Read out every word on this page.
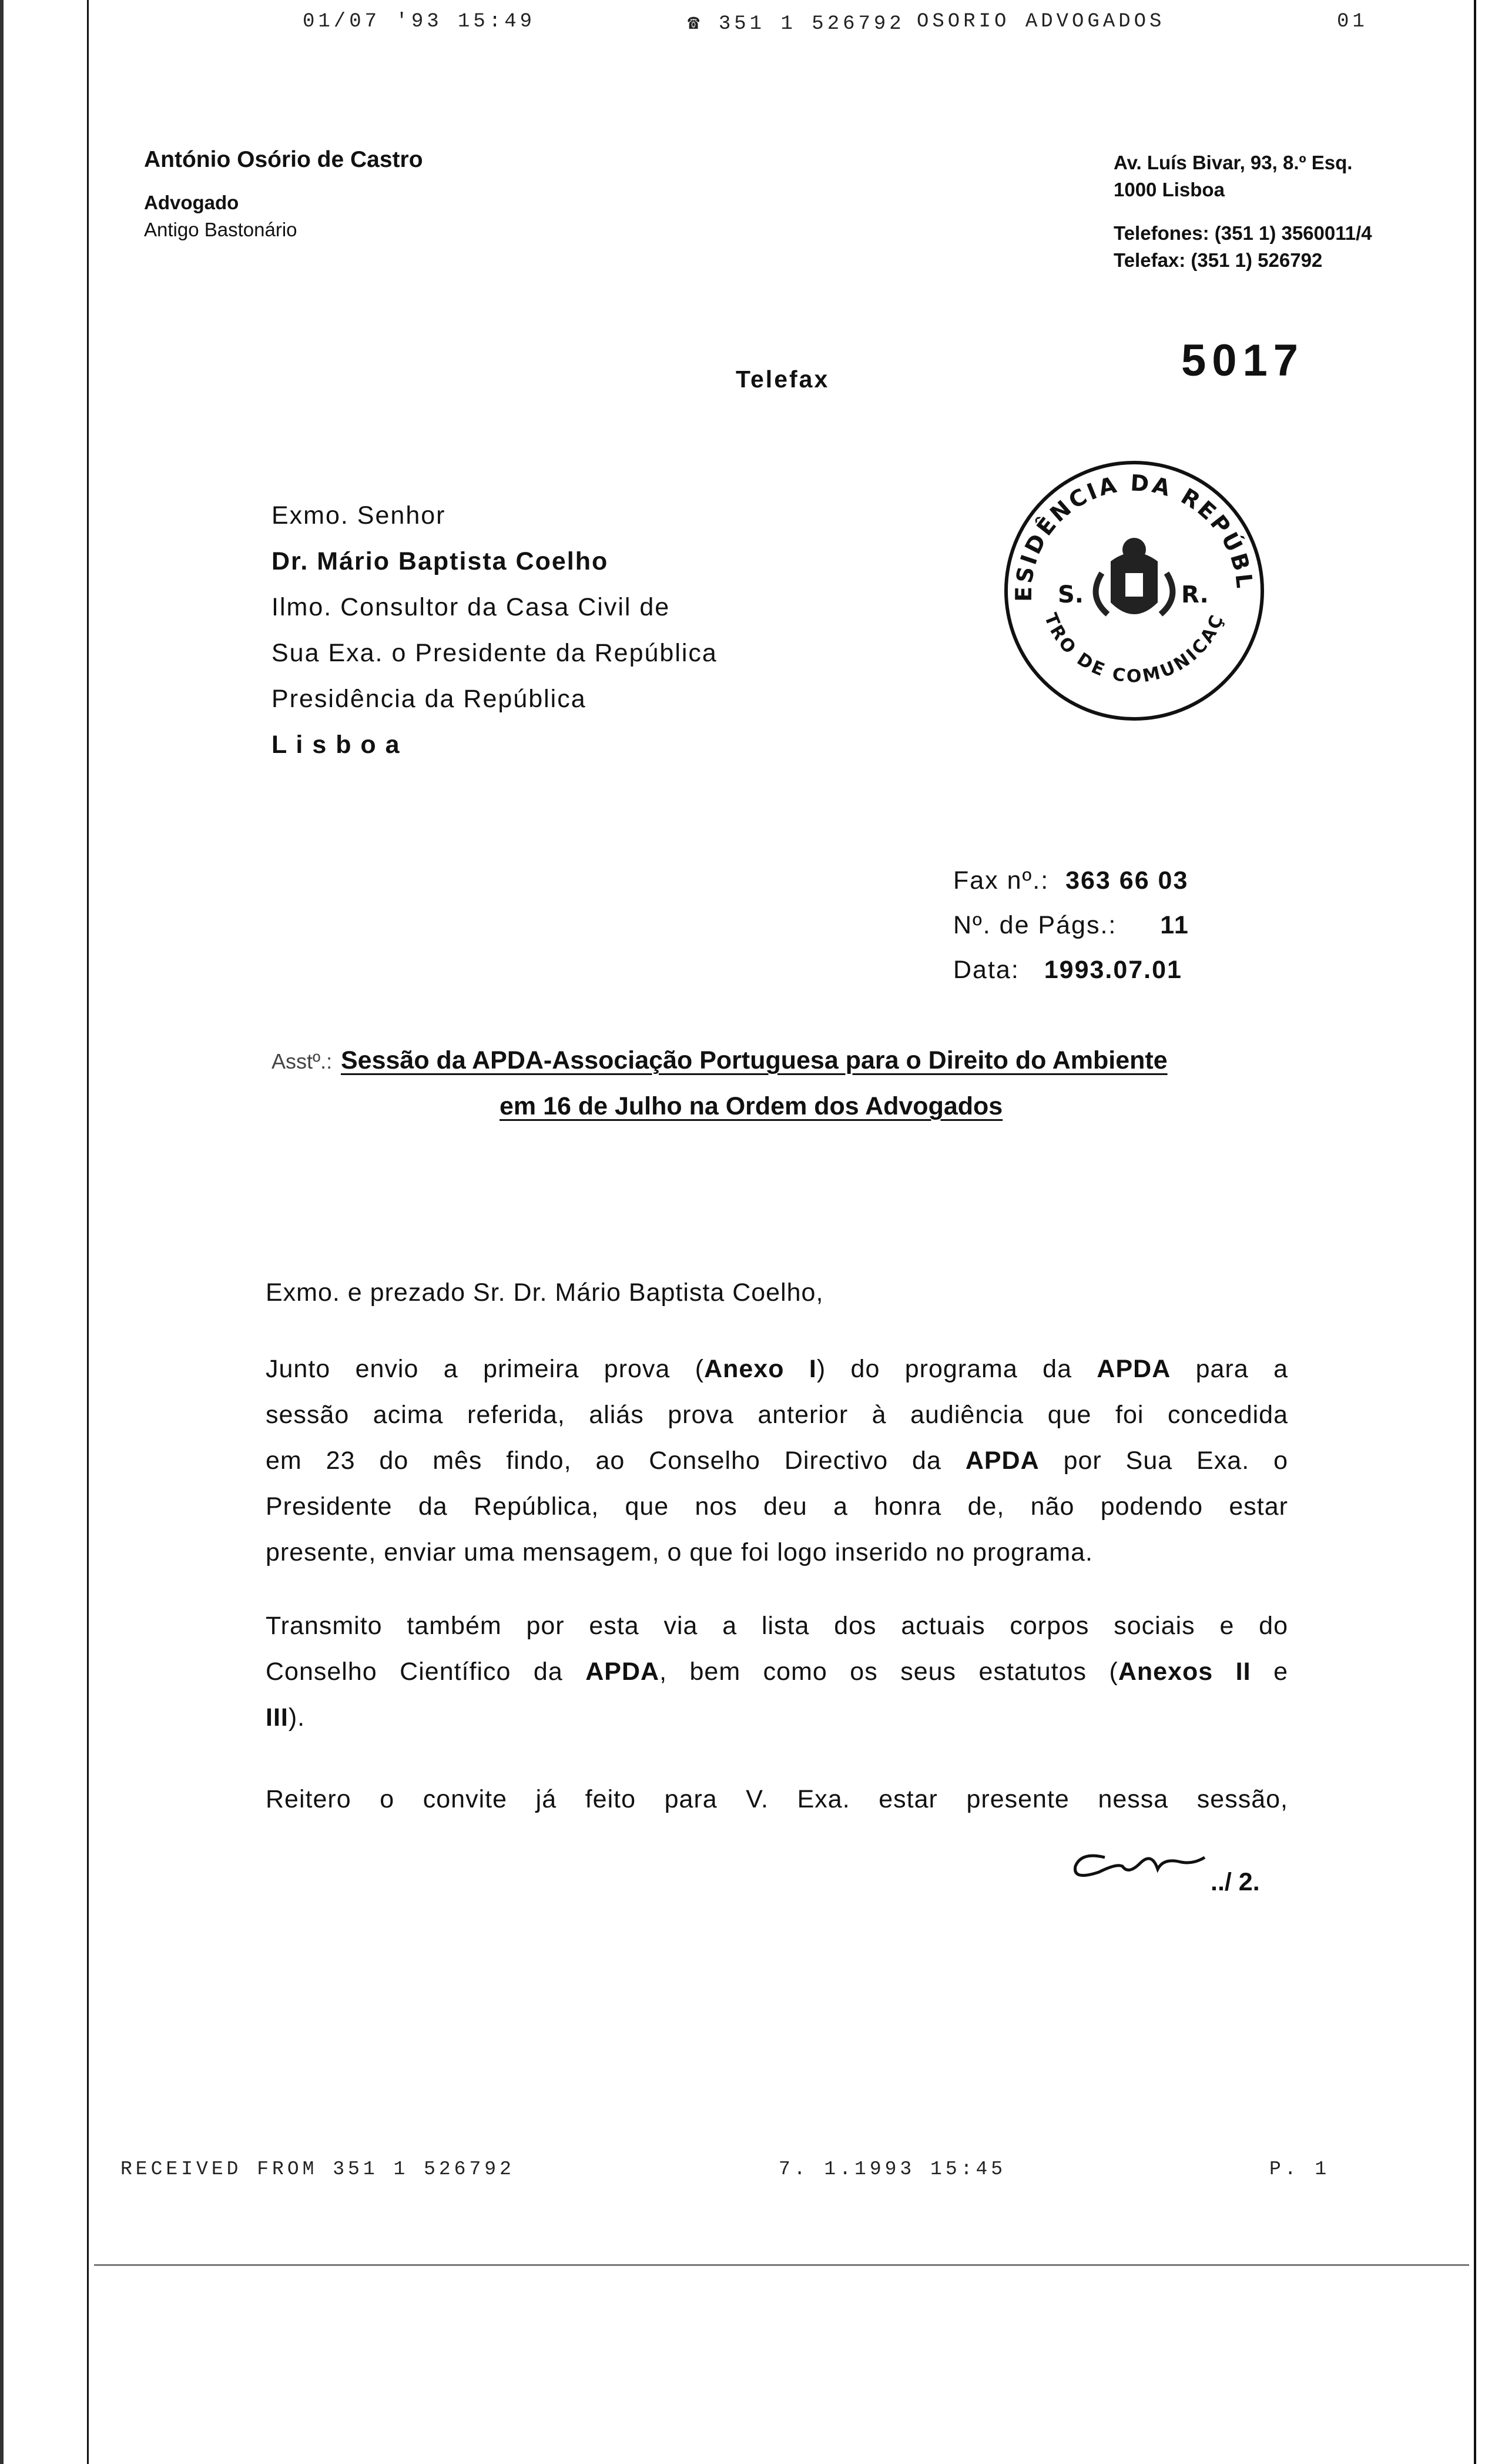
01/07 '93 15:49	☎ 351 1 526792 OSORIO ADVOGADOS	01
António Osório de Castro
Advogado
Antigo Bastonário
Av. Luís Bivar, 93, 8.º Esq.
1000 Lisboa
Telefones: (351 1) 3560011/4
Telefax: (351 1) 526792
Telefax	5017
Exmo. Senhor
Dr. Mário Baptista Coelho
Ilmo. Consultor da Casa Civil de
Sua Exa. o Presidente da República
Presidência da República
L i s b o a
ESIDÊNCIA DA REPÚBL
TRO DE COMUNICAÇ
S.	R.
Fax nº.: 363 66 03
Nº. de Págs.: 11
Data: 1993.07.01
Asstº.: Sessão da APDA-Associação Portuguesa para o Direito do Ambiente
em 16 de Julho na Ordem dos Advogados
Exmo. e prezado Sr. Dr. Mário Baptista Coelho,
Junto envio a primeira prova (Anexo I) do programa da APDA para a
sessão acima referida, aliás prova anterior à audiência que foi concedida
em 23 do mês findo, ao Conselho Directivo da APDA por Sua Exa. o
Presidente da República, que nos deu a honra de, não podendo estar
presente, enviar uma mensagem, o que foi logo inserido no programa.
Transmito também por esta via a lista dos actuais corpos sociais e do
Conselho Científico da APDA, bem como os seus estatutos (Anexos II e
III).
Reitero o convite já feito para V. Exa. estar presente nessa sessão,
../ 2.
RECEIVED FROM 351 1 526792	7. 1.1993 15:45	P. 1
